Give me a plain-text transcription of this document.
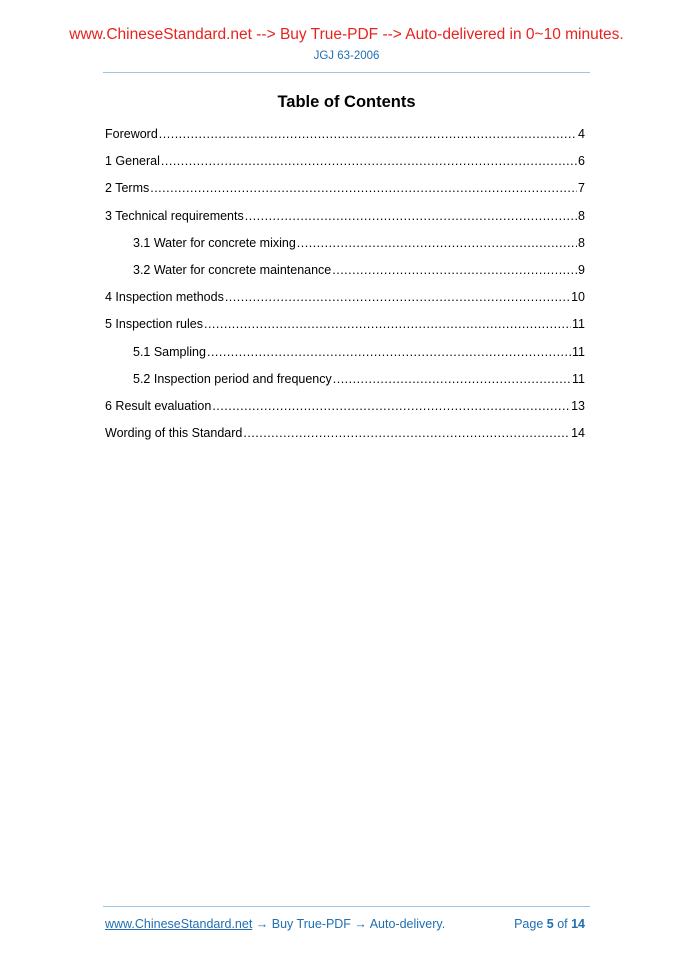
www.ChineseStandard.net --> Buy True-PDF --> Auto-delivered in 0~10 minutes.
JGJ 63-2006
Table of Contents
Foreword .....	4
1 General .....	6
2 Terms .....	7
3 Technical requirements .....	8
3.1 Water for concrete mixing .....	8
3.2 Water for concrete maintenance .....	9
4 Inspection methods .....	10
5 Inspection rules .....	11
5.1 Sampling .....	11
5.2 Inspection period and frequency .....	11
6 Result evaluation .....	13
Wording of this Standard .....	14
www.ChineseStandard.net → Buy True-PDF → Auto-delivery.	Page 5 of 14
